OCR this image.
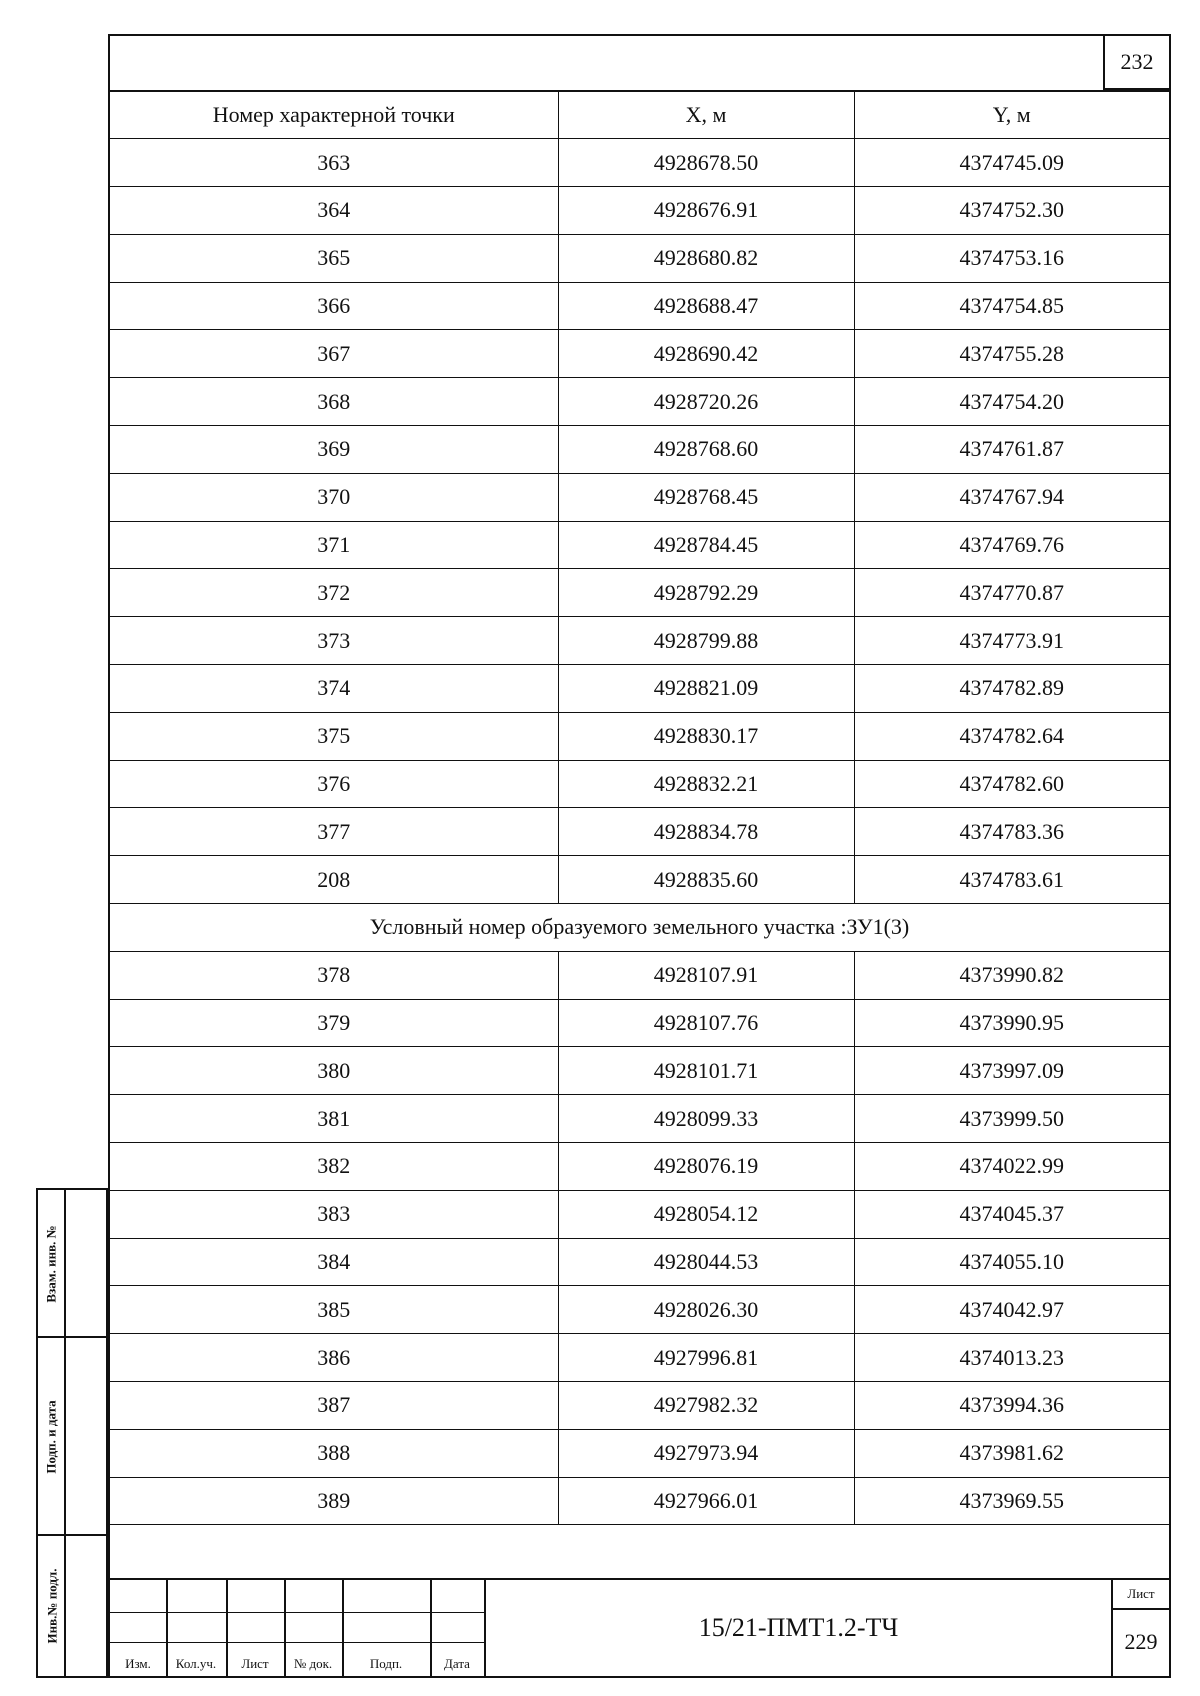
232
Номер характерной точки	X, м	Y, м
363	4928678.50	4374745.09
364	4928676.91	4374752.30
365	4928680.82	4374753.16
366	4928688.47	4374754.85
367	4928690.42	4374755.28
368	4928720.26	4374754.20
369	4928768.60	4374761.87
370	4928768.45	4374767.94
371	4928784.45	4374769.76
372	4928792.29	4374770.87
373	4928799.88	4374773.91
374	4928821.09	4374782.89
375	4928830.17	4374782.64
376	4928832.21	4374782.60
377	4928834.78	4374783.36
208	4928835.60	4374783.61
Условный номер образуемого земельного участка :ЗУ1(3)		
378	4928107.91	4373990.82
379	4928107.76	4373990.95
380	4928101.71	4373997.09
381	4928099.33	4373999.50
382	4928076.19	4374022.99
383	4928054.12	4374045.37
384	4928044.53	4374055.10
385	4928026.30	4374042.97
386	4927996.81	4374013.23
387	4927982.32	4373994.36
388	4927973.94	4373981.62
389	4927966.01	4373969.55
Изм.	Кол.уч.	Лист	№ док.	Подп.	Дата
15/21-ПМТ1.2-ТЧ
Лист
229
Взам. инв. №
Подп. и дата
Инв.№ подл.
